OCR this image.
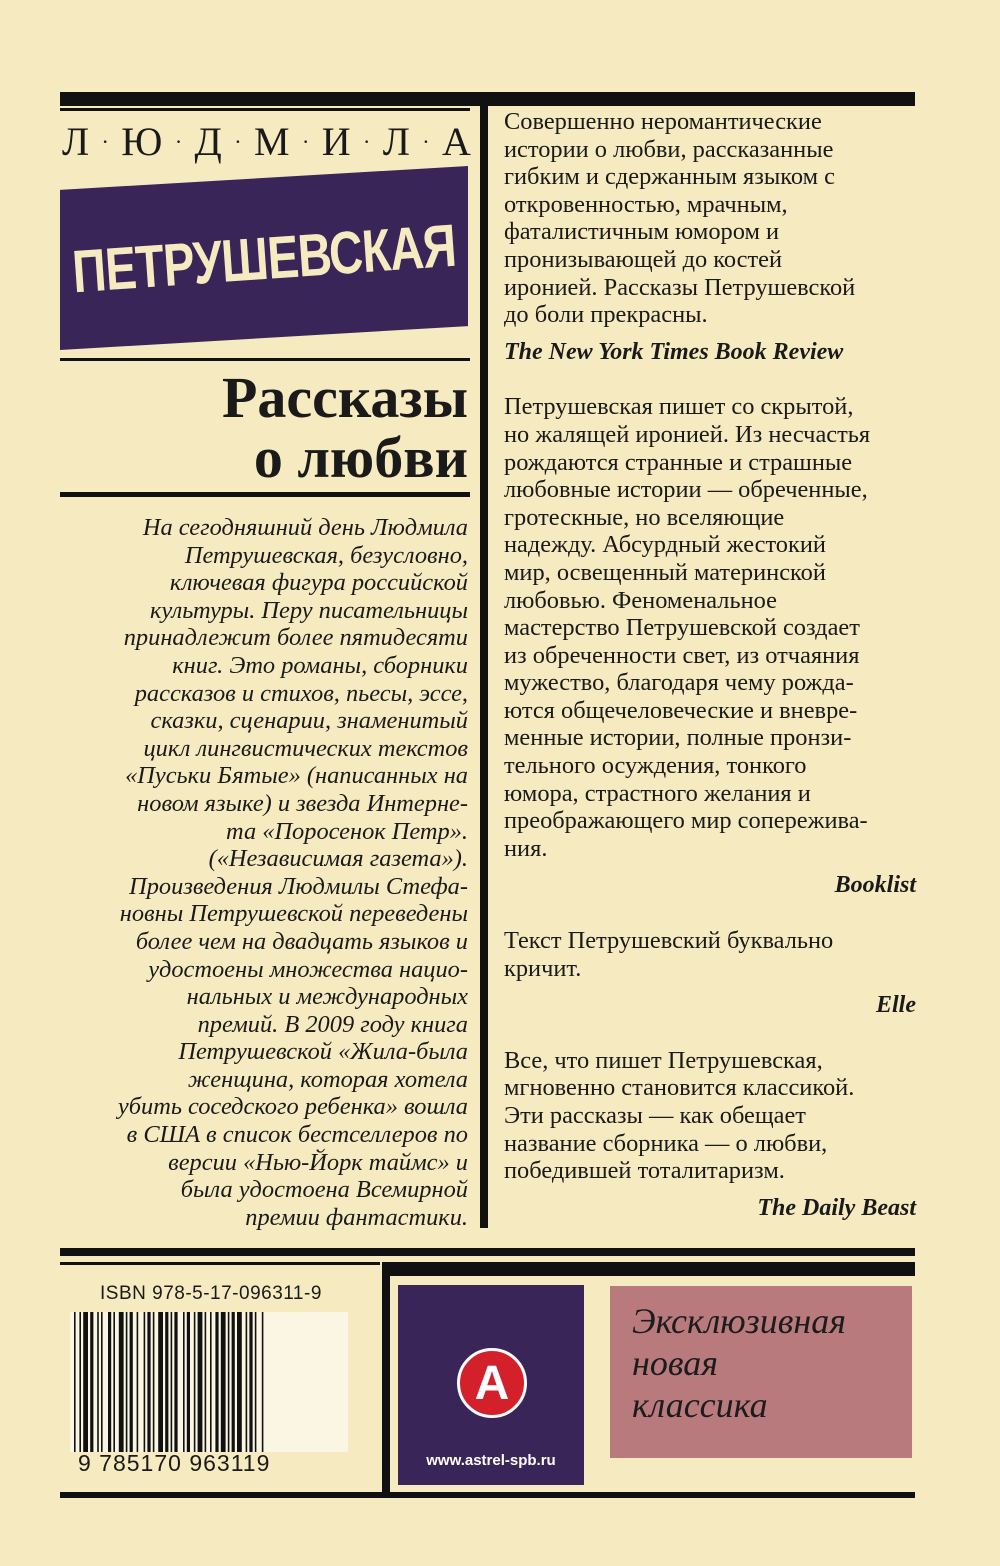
Л · Ю · Д · М · И · Л · А
ПЕТРУШЕВСКАЯ
Рассказы
о любви
На сегодняшний день Людмила
Петрушевская, безусловно,
ключевая фигура российской
культуры. Перу писательницы
принадлежит более пятидесяти
книг. Это романы, сборники
рассказов и стихов, пьесы, эссе,
сказки, сценарии, знаменитый
цикл лингвистических текстов
«Пуськи Бятые» (написанных на
новом языке) и звезда Интерне-
та «Поросенок Петр».
(«Независимая газета»).
Произведения Людмилы Стефа-
новны Петрушевской переведены
более чем на двадцать языков и
удостоены множества нацио-
нальных и международных
премий. В 2009 году книга
Петрушевской «Жила-была
женщина, которая хотела
убить соседского ребенка» вошла
в США в список бестселлеров по
версии «Нью-Йорк таймс» и
была удостоена Всемирной
премии фантастики.
Совершенно неромантические
истории о любви, рассказанные
гибким и сдержанным языком с
откровенностью, мрачным,
фаталистичным юмором и
пронизывающей до костей
иронией. Рассказы Петрушевской
до боли прекрасны.
The New York Times Book Review
Петрушевская пишет со скрытой,
но жалящей иронией. Из несчастья
рождаются странные и страшные
любовные истории — обреченные,
гротескные, но вселяющие
надежду. Абсурдный жестокий
мир, освещенный материнской
любовью. Феноменальное
мастерство Петрушевской создает
из обреченности свет, из отчаяния
мужество, благодаря чему рожда-
ются общечеловеческие и вневре-
менные истории, полные пронзи-
тельного осуждения, тонкого
юмора, страстного желания и
преображающего мир сопережива-
ния.
Booklist
Текст Петрушевский буквально
кричит.
Elle
Все, что пишет Петрушевская,
мгновенно становится классикой.
Эти рассказы — как обещает
название сборника — о любви,
победившей тоталитаризм.
The Daily Beast
ISBN 978-5-17-096311-9
9 785170 963119
А
www.astrel-spb.ru
Эксклюзивная
новая
классика
